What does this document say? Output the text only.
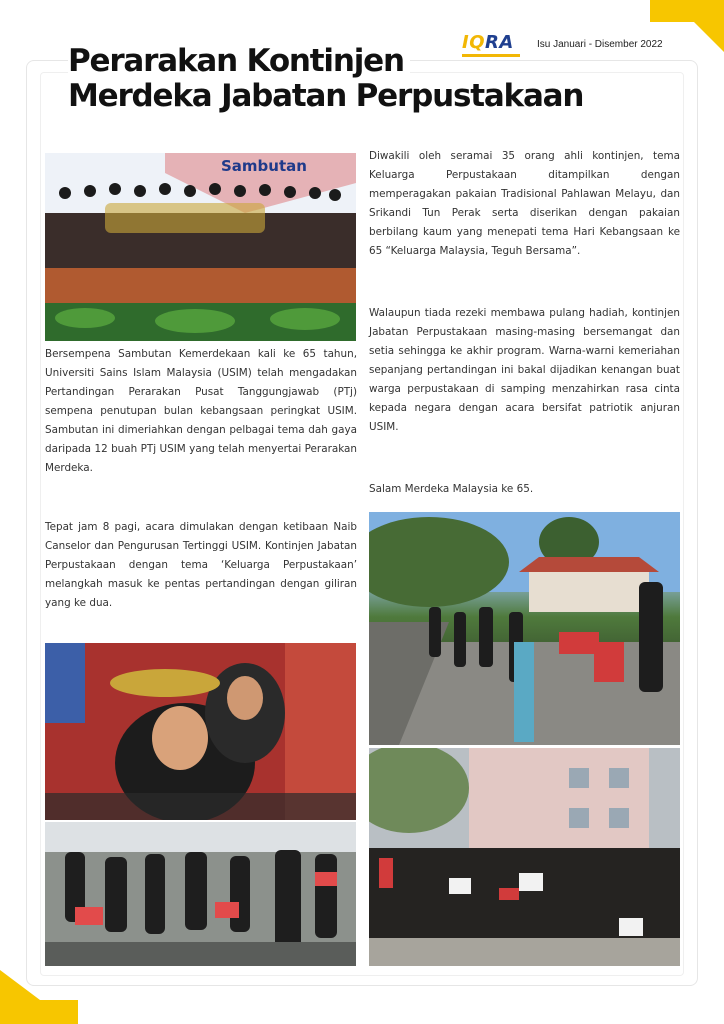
Perarakan Kontinjen
Merdeka Jabatan Perpustakaan
IQRA	Isu Januari - Disember 2022
Sambutan

Bersempena Sambutan Kemerdekaan kali ke 65 tahun, Universiti Sains Islam Malaysia (USIM) telah mengadakan Pertandingan Perarakan Pusat Tanggungjawab (PTj) sempena penutupan bulan kebangsaan peringkat USIM. Sambutan ini dimeriahkan dengan pelbagai tema dah gaya daripada 12 buah PTj USIM yang telah menyertai Perarakan Merdeka.

Tepat jam 8 pagi, acara dimulakan dengan ketibaan Naib Canselor dan Pengurusan Tertinggi USIM. Kontinjen Jabatan Perpustakaan dengan tema ‘Keluarga Perpustakaan’ melangkah masuk ke pentas pertandingan dengan giliran yang ke dua.

Diwakili oleh seramai 35 orang ahli kontinjen, tema Keluarga Perpustakaan ditampilkan dengan memperagakan pakaian Tradisional Pahlawan Melayu, dan Srikandi Tun Perak serta diserikan dengan pakaian berbilang kaum yang menepati tema Hari Kebangsaan ke 65 “Keluarga Malaysia, Teguh Bersama”.

Walaupun tiada rezeki membawa pulang hadiah, kontinjen Jabatan Perpustakaan masing-masing bersemangat dan setia sehingga ke akhir program. Warna-warni kemeriahan sepanjang pertandingan ini bakal dijadikan kenangan buat warga perpustakaan di samping menzahirkan rasa cinta kepada negara dengan acara bersifat patriotik anjuran USIM.

Salam Merdeka Malaysia ke 65.
